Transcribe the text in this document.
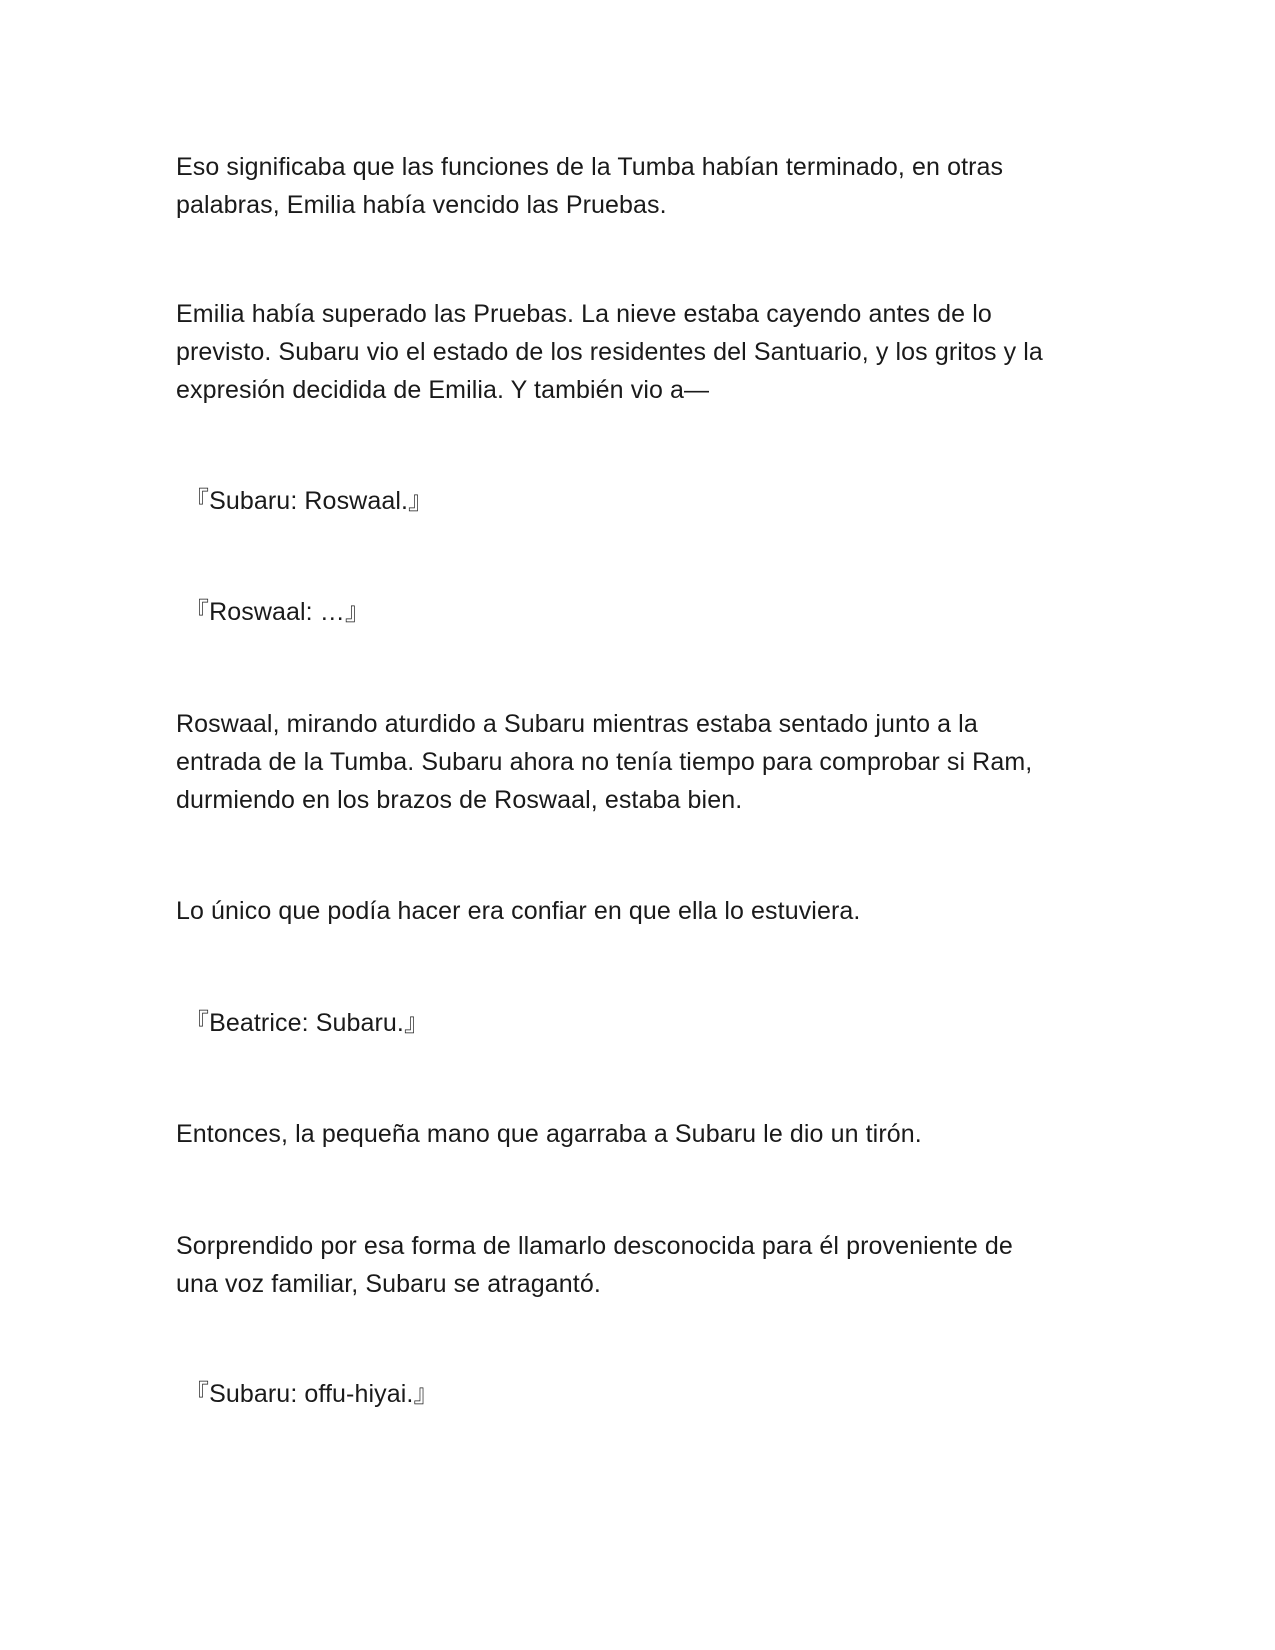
Eso significaba que las funciones de la Tumba habían terminado, en otras
palabras, Emilia había vencido las Pruebas.

Emilia había superado las Pruebas. La nieve estaba cayendo antes de lo
previsto. Subaru vio el estado de los residentes del Santuario, y los gritos y la
expresión decidida de Emilia. Y también vio a—

『Subaru: Roswaal.』

『Roswaal: …』

Roswaal, mirando aturdido a Subaru mientras estaba sentado junto a la
entrada de la Tumba. Subaru ahora no tenía tiempo para comprobar si Ram,
durmiendo en los brazos de Roswaal, estaba bien.

Lo único que podía hacer era confiar en que ella lo estuviera.

『Beatrice: Subaru.』

Entonces, la pequeña mano que agarraba a Subaru le dio un tirón.

Sorprendido por esa forma de llamarlo desconocida para él proveniente de
una voz familiar, Subaru se atragantó.

『Subaru: offu-hiyai.』
